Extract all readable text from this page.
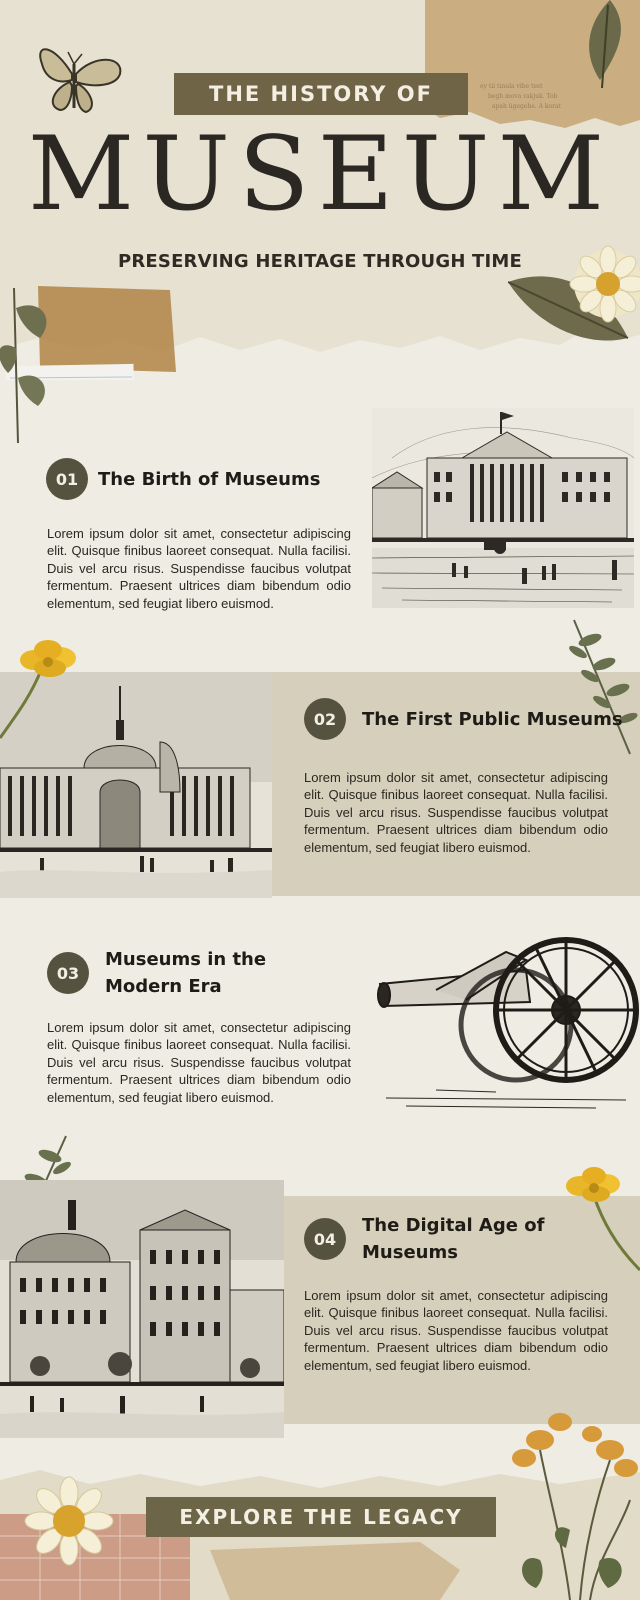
ey tii tinula vibe test
begh mova rakjuk. Tob
apah ügegebe. A korat
THE HISTORY OF
MUSEUM
PRESERVING HERITAGE THROUGH TIME
01	The Birth of Museums
Lorem ipsum dolor sit amet, consectetur adipiscing elit. Quisque finibus laoreet consequat. Nulla facilisi. Duis vel arcu risus. Suspendisse faucibus volutpat fermentum. Praesent ultrices diam bibendum odio elementum, sed feugiat libero euismod.
02	The First Public Museums
Lorem ipsum dolor sit amet, consectetur adipiscing elit. Quisque finibus laoreet consequat. Nulla facilisi. Duis vel arcu risus. Suspendisse faucibus volutpat fermentum. Praesent ultrices diam bibendum odio elementum, sed feugiat libero euismod.
03
Museums in the
Modern Era
Lorem ipsum dolor sit amet, consectetur adipiscing elit. Quisque finibus laoreet consequat. Nulla facilisi. Duis vel arcu risus. Suspendisse faucibus volutpat fermentum. Praesent ultrices diam bibendum odio elementum, sed feugiat libero euismod.
04
The Digital Age of
Museums
Lorem ipsum dolor sit amet, consectetur adipiscing elit. Quisque finibus laoreet consequat. Nulla facilisi. Duis vel arcu risus. Suspendisse faucibus volutpat fermentum. Praesent ultrices diam bibendum odio elementum, sed feugiat libero euismod.
EXPLORE THE LEGACY
